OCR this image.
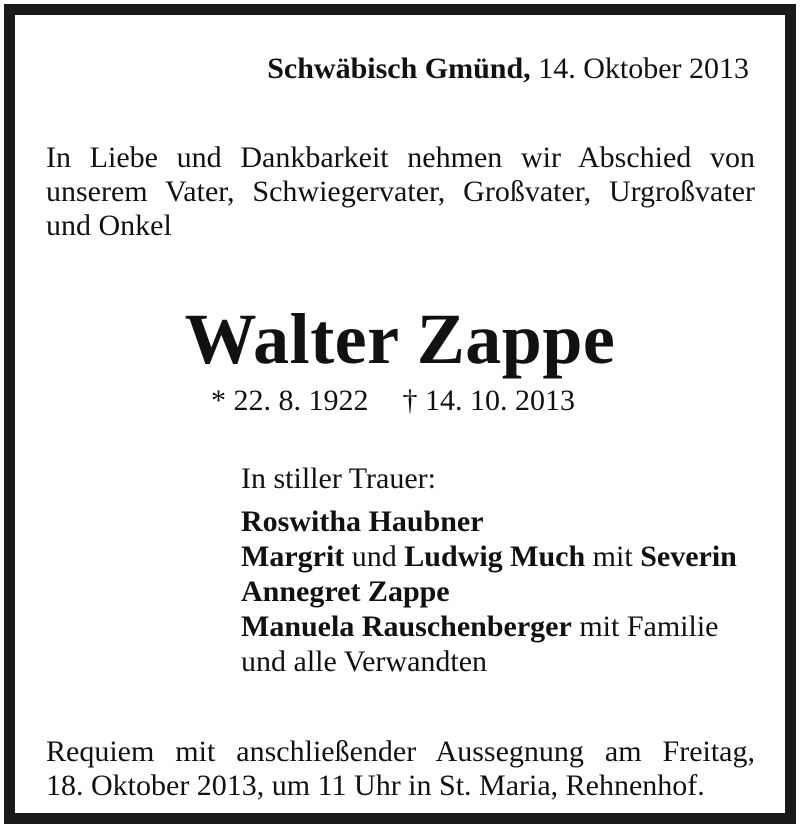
Schwäbisch Gmünd, 14. Oktober 2013
In Liebe und Dankbarkeit nehmen wir Abschied von
unserem Vater, Schwiegervater, Großvater, Urgroßvater
und Onkel
Walter Zappe
* 22. 8. 1922 † 14. 10. 2013
In stiller Trauer:
Roswitha Haubner
Margrit und Ludwig Much mit Severin
Annegret Zappe
Manuela Rauschenberger mit Familie
und alle Verwandten
Requiem mit anschließender Aussegnung am Freitag,
18. Oktober 2013, um 11 Uhr in St. Maria, Rehnenhof.
